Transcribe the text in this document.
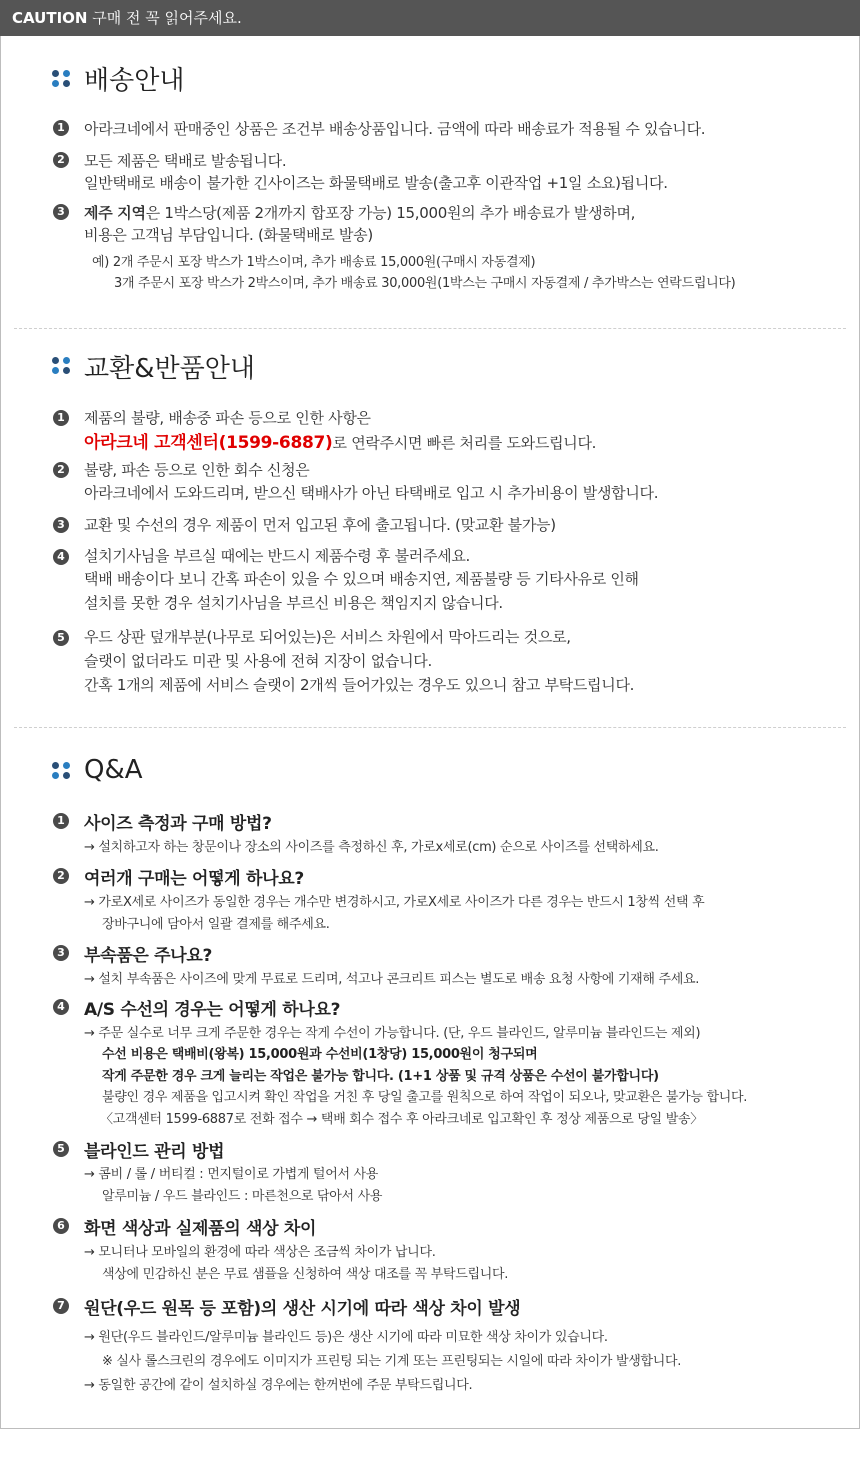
CAUTION 구매 전 꼭 읽어주세요.
배송안내
1 아라크네에서 판매중인 상품은 조건부 배송상품입니다. 금액에 따라 배송료가 적용될 수 있습니다.
2 모든 제품은 택배로 발송됩니다.
일반택배로 배송이 불가한 긴사이즈는 화물택배로 발송(출고후 이관작업 +1일 소요)됩니다.
3 제주 지역은 1박스당(제품 2개까지 합포장 가능) 15,000원의 추가 배송료가 발생하며,
비용은 고객님 부담입니다. (화물택배로 발송)
예) 2개 주문시 포장 박스가 1박스이며, 추가 배송료 15,000원(구매시 자동결제)
3개 주문시 포장 박스가 2박스이며, 추가 배송료 30,000원(1박스는 구매시 자동결제 / 추가박스는 연락드립니다)
교환&반품안내
1 제품의 불량, 배송중 파손 등으로 인한 사항은
아라크네 고객센터(1599-6887)로 연락주시면 빠른 처리를 도와드립니다.
2 불량, 파손 등으로 인한 회수 신청은
아라크네에서 도와드리며, 받으신 택배사가 아닌 타택배로 입고 시 추가비용이 발생합니다.
3 교환 및 수선의 경우 제품이 먼저 입고된 후에 출고됩니다. (맞교환 불가능)
4 설치기사님을 부르실 때에는 반드시 제품수령 후 불러주세요.
택배 배송이다 보니 간혹 파손이 있을 수 있으며 배송지연, 제품불량 등 기타사유로 인해
설치를 못한 경우 설치기사님을 부르신 비용은 책임지지 않습니다.
5 우드 상판 덮개부분(나무로 되어있는)은 서비스 차원에서 막아드리는 것으로,
슬랫이 없더라도 미관 및 사용에 전혀 지장이 없습니다.
간혹 1개의 제품에 서비스 슬랫이 2개씩 들어가있는 경우도 있으니 참고 부탁드립니다.
Q&A
1 사이즈 측정과 구매 방법?
→ 설치하고자 하는 창문이나 장소의 사이즈를 측정하신 후, 가로x세로(cm) 순으로 사이즈를 선택하세요.
2 여러개 구매는 어떻게 하나요?
→ 가로X세로 사이즈가 동일한 경우는 개수만 변경하시고, 가로X세로 사이즈가 다른 경우는 반드시 1창씩 선택 후
장바구니에 담아서 일괄 결제를 해주세요.
3 부속품은 주나요?
→ 설치 부속품은 사이즈에 맞게 무료로 드리며, 석고나 콘크리트 피스는 별도로 배송 요청 사항에 기재해 주세요.
4 A/S 수선의 경우는 어떻게 하나요?
→ 주문 실수로 너무 크게 주문한 경우는 작게 수선이 가능합니다. (단, 우드 블라인드, 알루미늄 블라인드는 제외)
수선 비용은 택배비(왕복) 15,000원과 수선비(1창당) 15,000원이 청구되며
작게 주문한 경우 크게 늘리는 작업은 불가능 합니다. (1+1 상품 및 규격 상품은 수선이 불가합니다)
불량인 경우 제품을 입고시켜 확인 작업을 거친 후 당일 출고를 원칙으로 하여 작업이 되오나, 맞교환은 불가능 합니다.
〈고객센터 1599-6887로 전화 접수 → 택배 회수 접수 후 아라크네로 입고확인 후 정상 제품으로 당일 발송〉
5 블라인드 관리 방법
→ 콤비 / 롤 / 버티컬 : 먼지털이로 가볍게 털어서 사용
알루미늄 / 우드 블라인드 : 마른천으로 닦아서 사용
6 화면 색상과 실제품의 색상 차이
→ 모니터나 모바일의 환경에 따라 색상은 조금씩 차이가 납니다.
색상에 민감하신 분은 무료 샘플을 신청하여 색상 대조를 꼭 부탁드립니다.
7 원단(우드 원목 등 포함)의 생산 시기에 따라 색상 차이 발생
→ 원단(우드 블라인드/알루미늄 블라인드 등)은 생산 시기에 따라 미묘한 색상 차이가 있습니다.
※ 실사 롤스크린의 경우에도 이미지가 프린팅 되는 기계 또는 프린팅되는 시일에 따라 차이가 발생합니다.
→ 동일한 공간에 같이 설치하실 경우에는 한꺼번에 주문 부탁드립니다.
